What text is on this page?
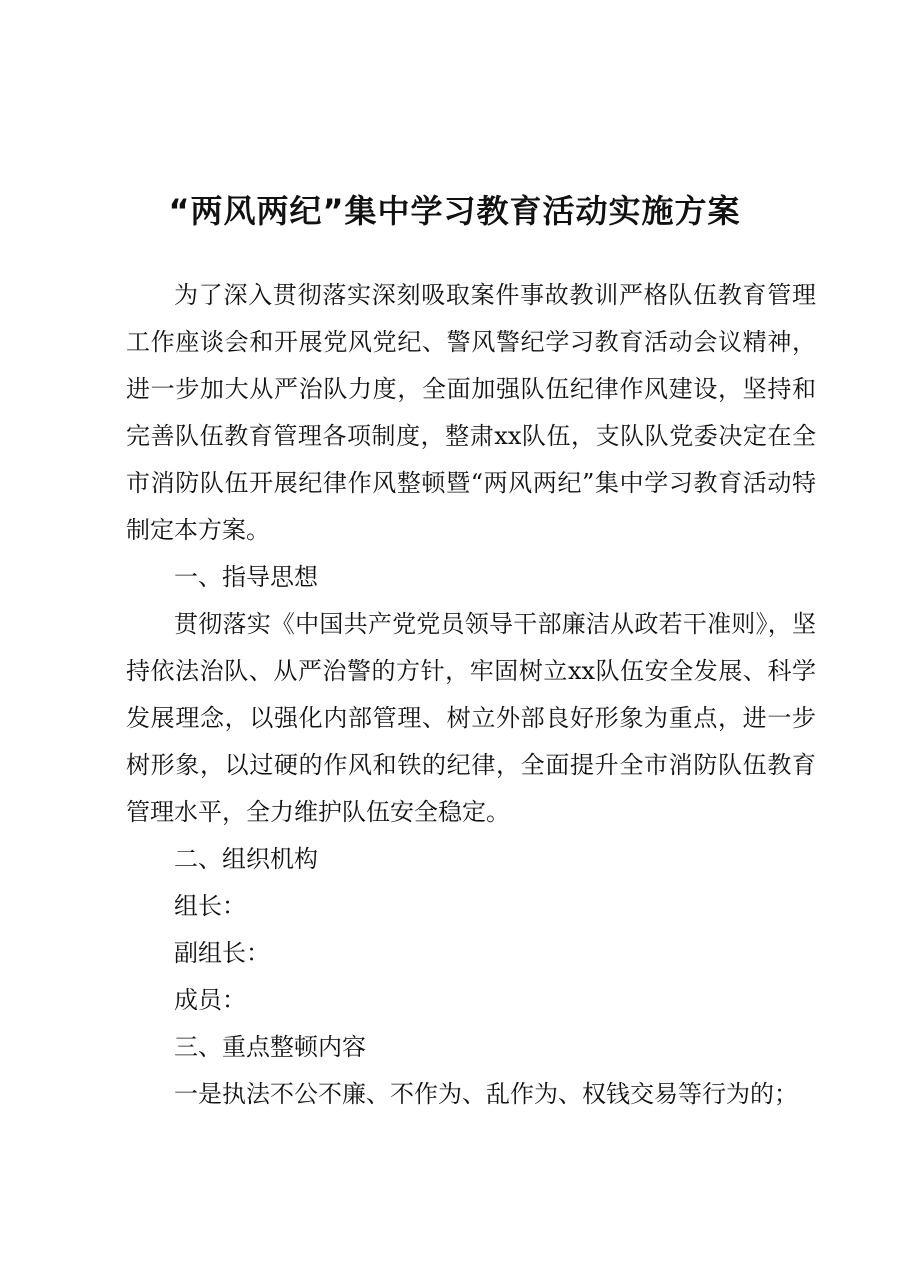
“两风两纪”集中学习教育活动实施方案

为了深入贯彻落实深刻吸取案件事故教训严格队伍教育管理工作座谈会和开展党风党纪、警风警纪学习教育活动会议精神，进一步加大从严治队力度，全面加强队伍纪律作风建设，坚持和完善队伍教育管理各项制度，整肃xx队伍，支队队党委决定在全市消防队伍开展纪律作风整顿暨“两风两纪”集中学习教育活动特制定本方案。

一、指导思想

贯彻落实《中国共产党党员领导干部廉洁从政若干准则》，坚持依法治队、从严治警的方针，牢固树立xx队伍安全发展、科学发展理念，以强化内部管理、树立外部良好形象为重点，进一步树形象，以过硬的作风和铁的纪律，全面提升全市消防队伍教育管理水平，全力维护队伍安全稳定。

二、组织机构

组长：

副组长：

成员：

三、重点整顿内容

一是执法不公不廉、不作为、乱作为、权钱交易等行为的；
